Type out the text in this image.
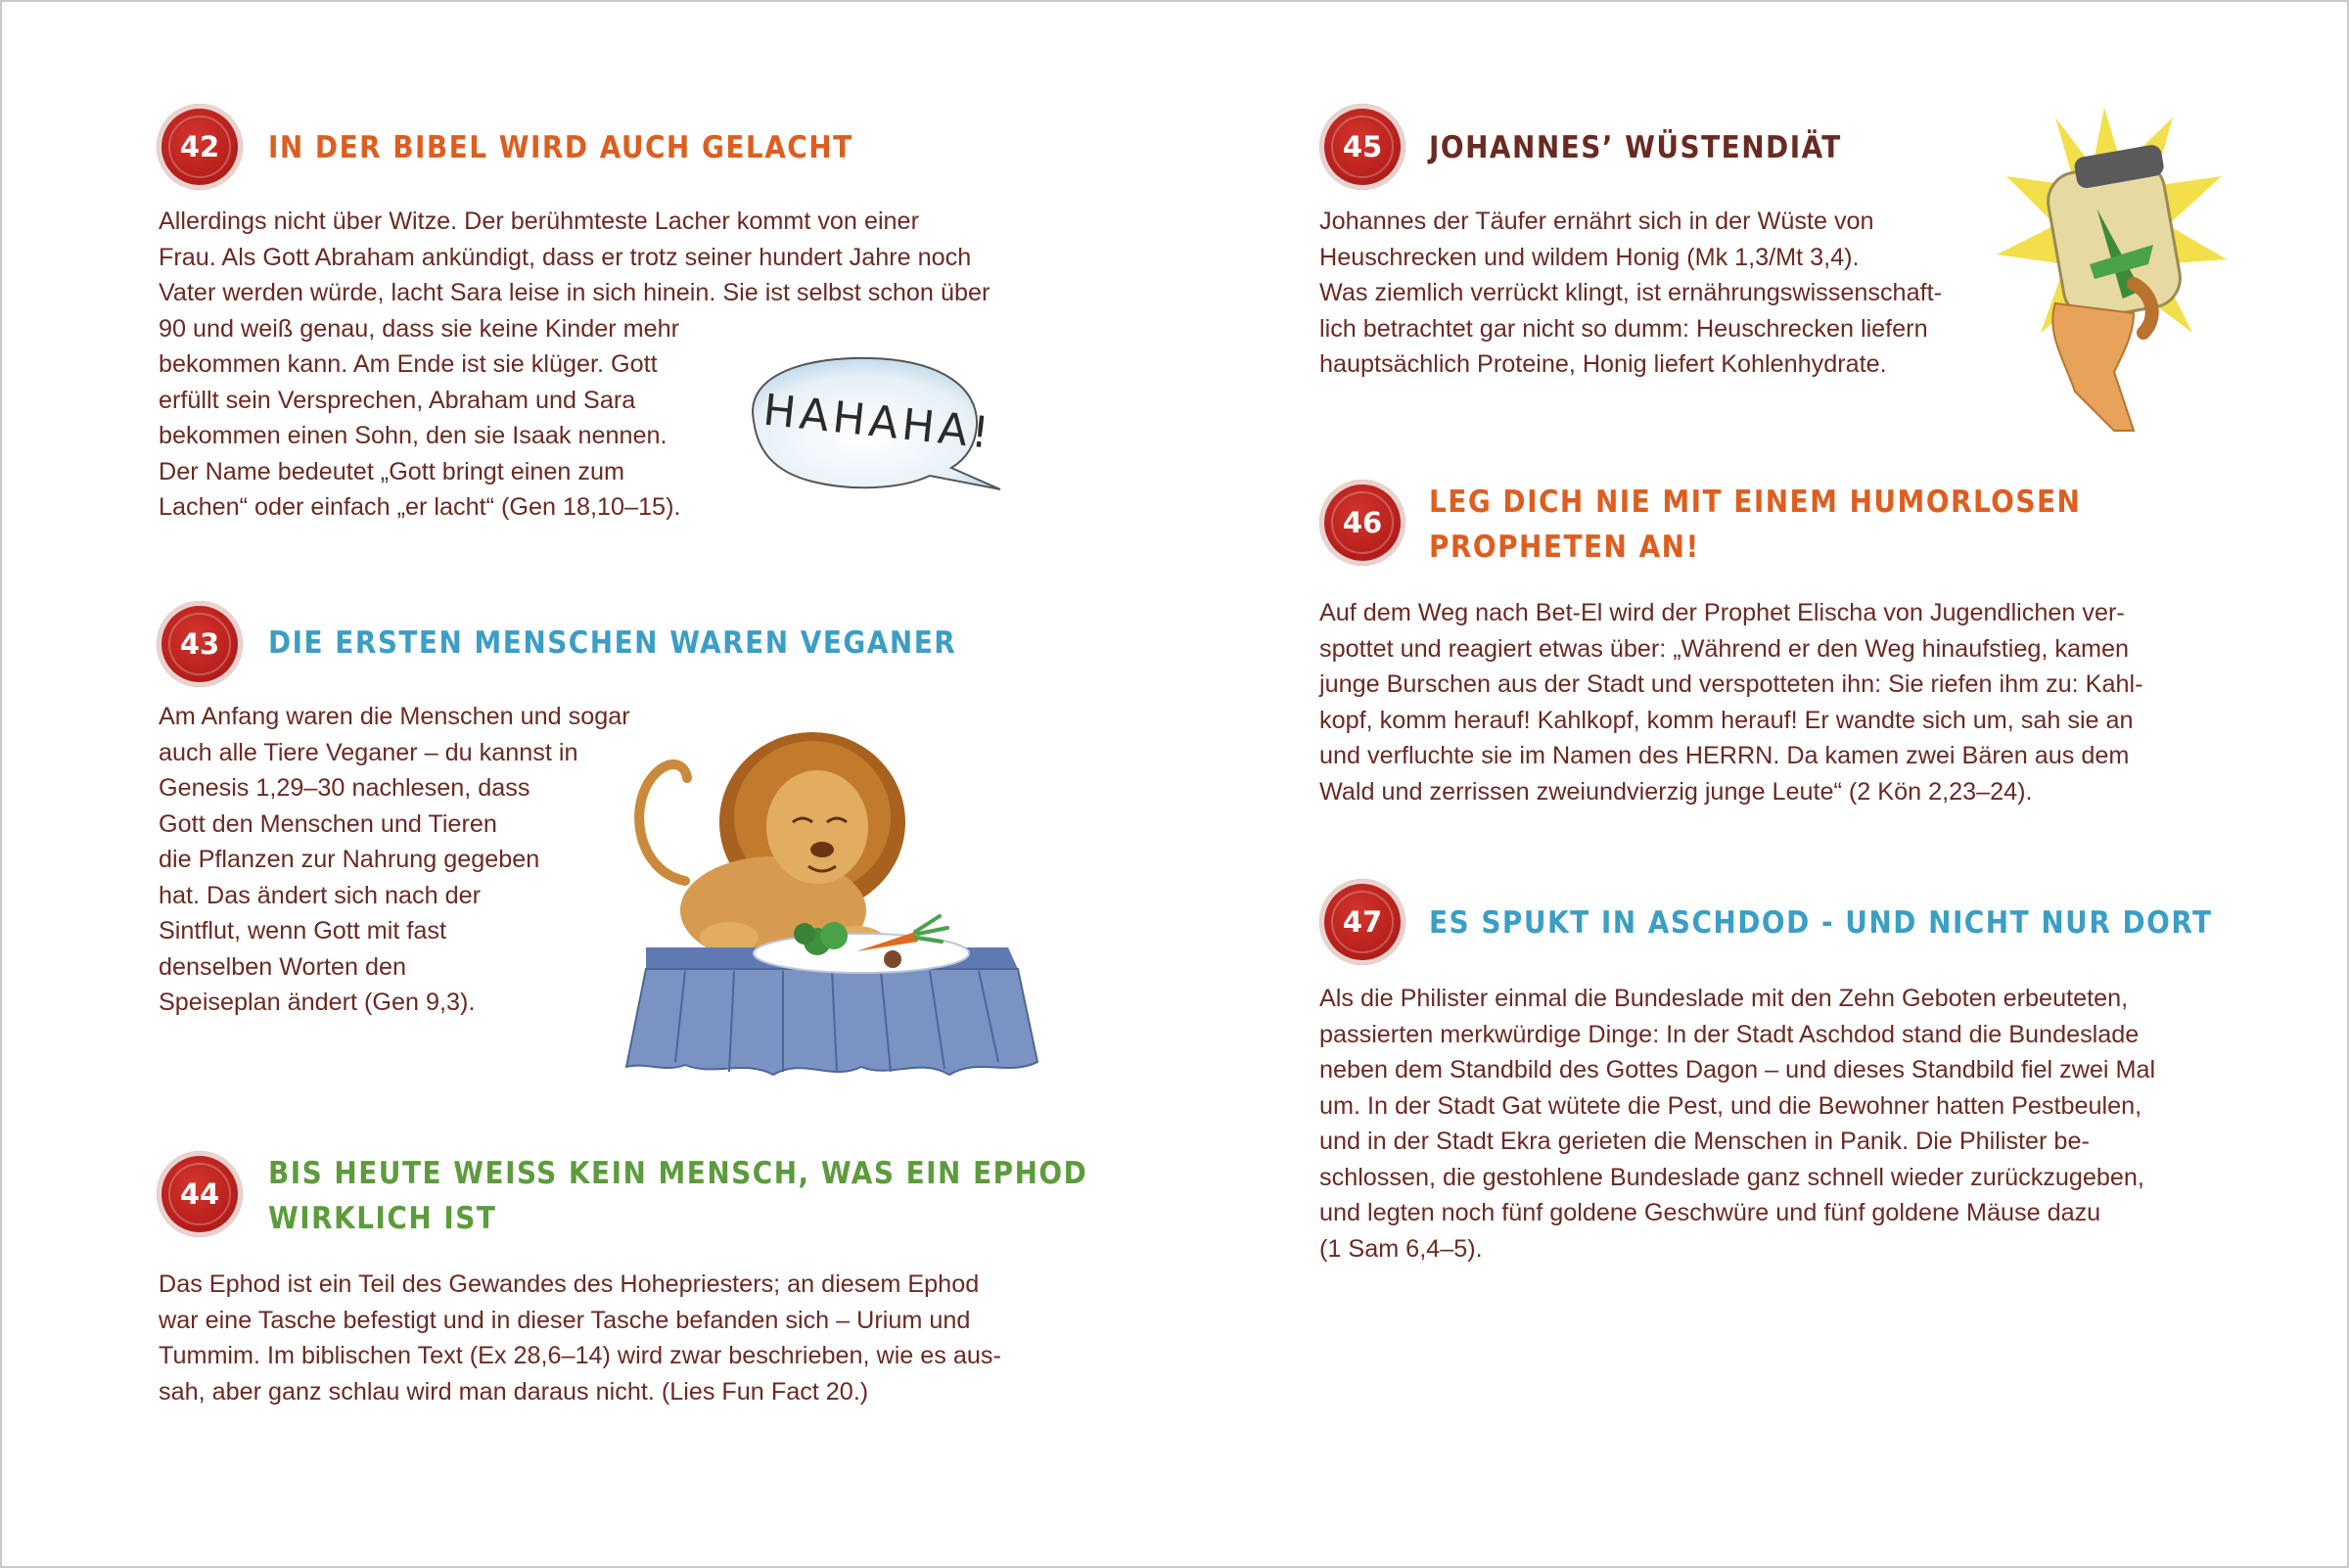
42 IN DER BIBEL WIRD AUCH GELACHT
Allerdings nicht über Witze. Der berühmteste Lacher kommt von einer
Frau. Als Gott Abraham ankündigt, dass er trotz seiner hundert Jahre noch
Vater werden würde, lacht Sara leise in sich hinein. Sie ist selbst schon über
90 und weiß genau, dass sie keine Kinder mehr
bekommen kann. Am Ende ist sie klüger. Gott
erfüllt sein Versprechen, Abraham und Sara
bekommen einen Sohn, den sie Isaak nennen.
Der Name bedeutet „Gott bringt einen zum
Lachen“ oder einfach „er lacht“ (Gen 18,10–15).
HAHAHA!
43 DIE ERSTEN MENSCHEN WAREN VEGANER
Am Anfang waren die Menschen und sogar
auch alle Tiere Veganer – du kannst in
Genesis 1,29–30 nachlesen, dass
Gott den Menschen und Tieren
die Pflanzen zur Nahrung gegeben
hat. Das ändert sich nach der
Sintflut, wenn Gott mit fast
denselben Worten den
Speiseplan ändert (Gen 9,3).
44
BIS HEUTE WEISS KEIN MENSCH, WAS EIN EPHOD
WIRKLICH IST
Das Ephod ist ein Teil des Gewandes des Hohepriesters; an diesem Ephod
war eine Tasche befestigt und in dieser Tasche befanden sich – Urium und
Tummim. Im biblischen Text (Ex 28,6–14) wird zwar beschrieben, wie es aus-
sah, aber ganz schlau wird man daraus nicht. (Lies Fun Fact 20.)
45 JOHANNES’ WÜSTENDIÄT
Johannes der Täufer ernährt sich in der Wüste von
Heuschrecken und wildem Honig (Mk 1,3/Mt 3,4).
Was ziemlich verrückt klingt, ist ernährungswissenschaft-
lich betrachtet gar nicht so dumm: Heuschrecken liefern
hauptsächlich Proteine, Honig liefert Kohlenhydrate.
46
LEG DICH NIE MIT EINEM HUMORLOSEN
PROPHETEN AN!
Auf dem Weg nach Bet-El wird der Prophet Elischa von Jugendlichen ver-
spottet und reagiert etwas über: „Während er den Weg hinaufstieg, kamen
junge Burschen aus der Stadt und verspotteten ihn: Sie riefen ihm zu: Kahl-
kopf, komm herauf! Kahlkopf, komm herauf! Er wandte sich um, sah sie an
und verfluchte sie im Namen des HERRN. Da kamen zwei Bären aus dem
Wald und zerrissen zweiundvierzig junge Leute“ (2 Kön 2,23–24).
47 ES SPUKT IN ASCHDOD - UND NICHT NUR DORT
Als die Philister einmal die Bundeslade mit den Zehn Geboten erbeuteten,
passierten merkwürdige Dinge: In der Stadt Aschdod stand die Bundeslade
neben dem Standbild des Gottes Dagon – und dieses Standbild fiel zwei Mal
um. In der Stadt Gat wütete die Pest, und die Bewohner hatten Pestbeulen,
und in der Stadt Ekra gerieten die Menschen in Panik. Die Philister be-
schlossen, die gestohlene Bundeslade ganz schnell wieder zurückzugeben,
und legten noch fünf goldene Geschwüre und fünf goldene Mäuse dazu
(1 Sam 6,4–5).
